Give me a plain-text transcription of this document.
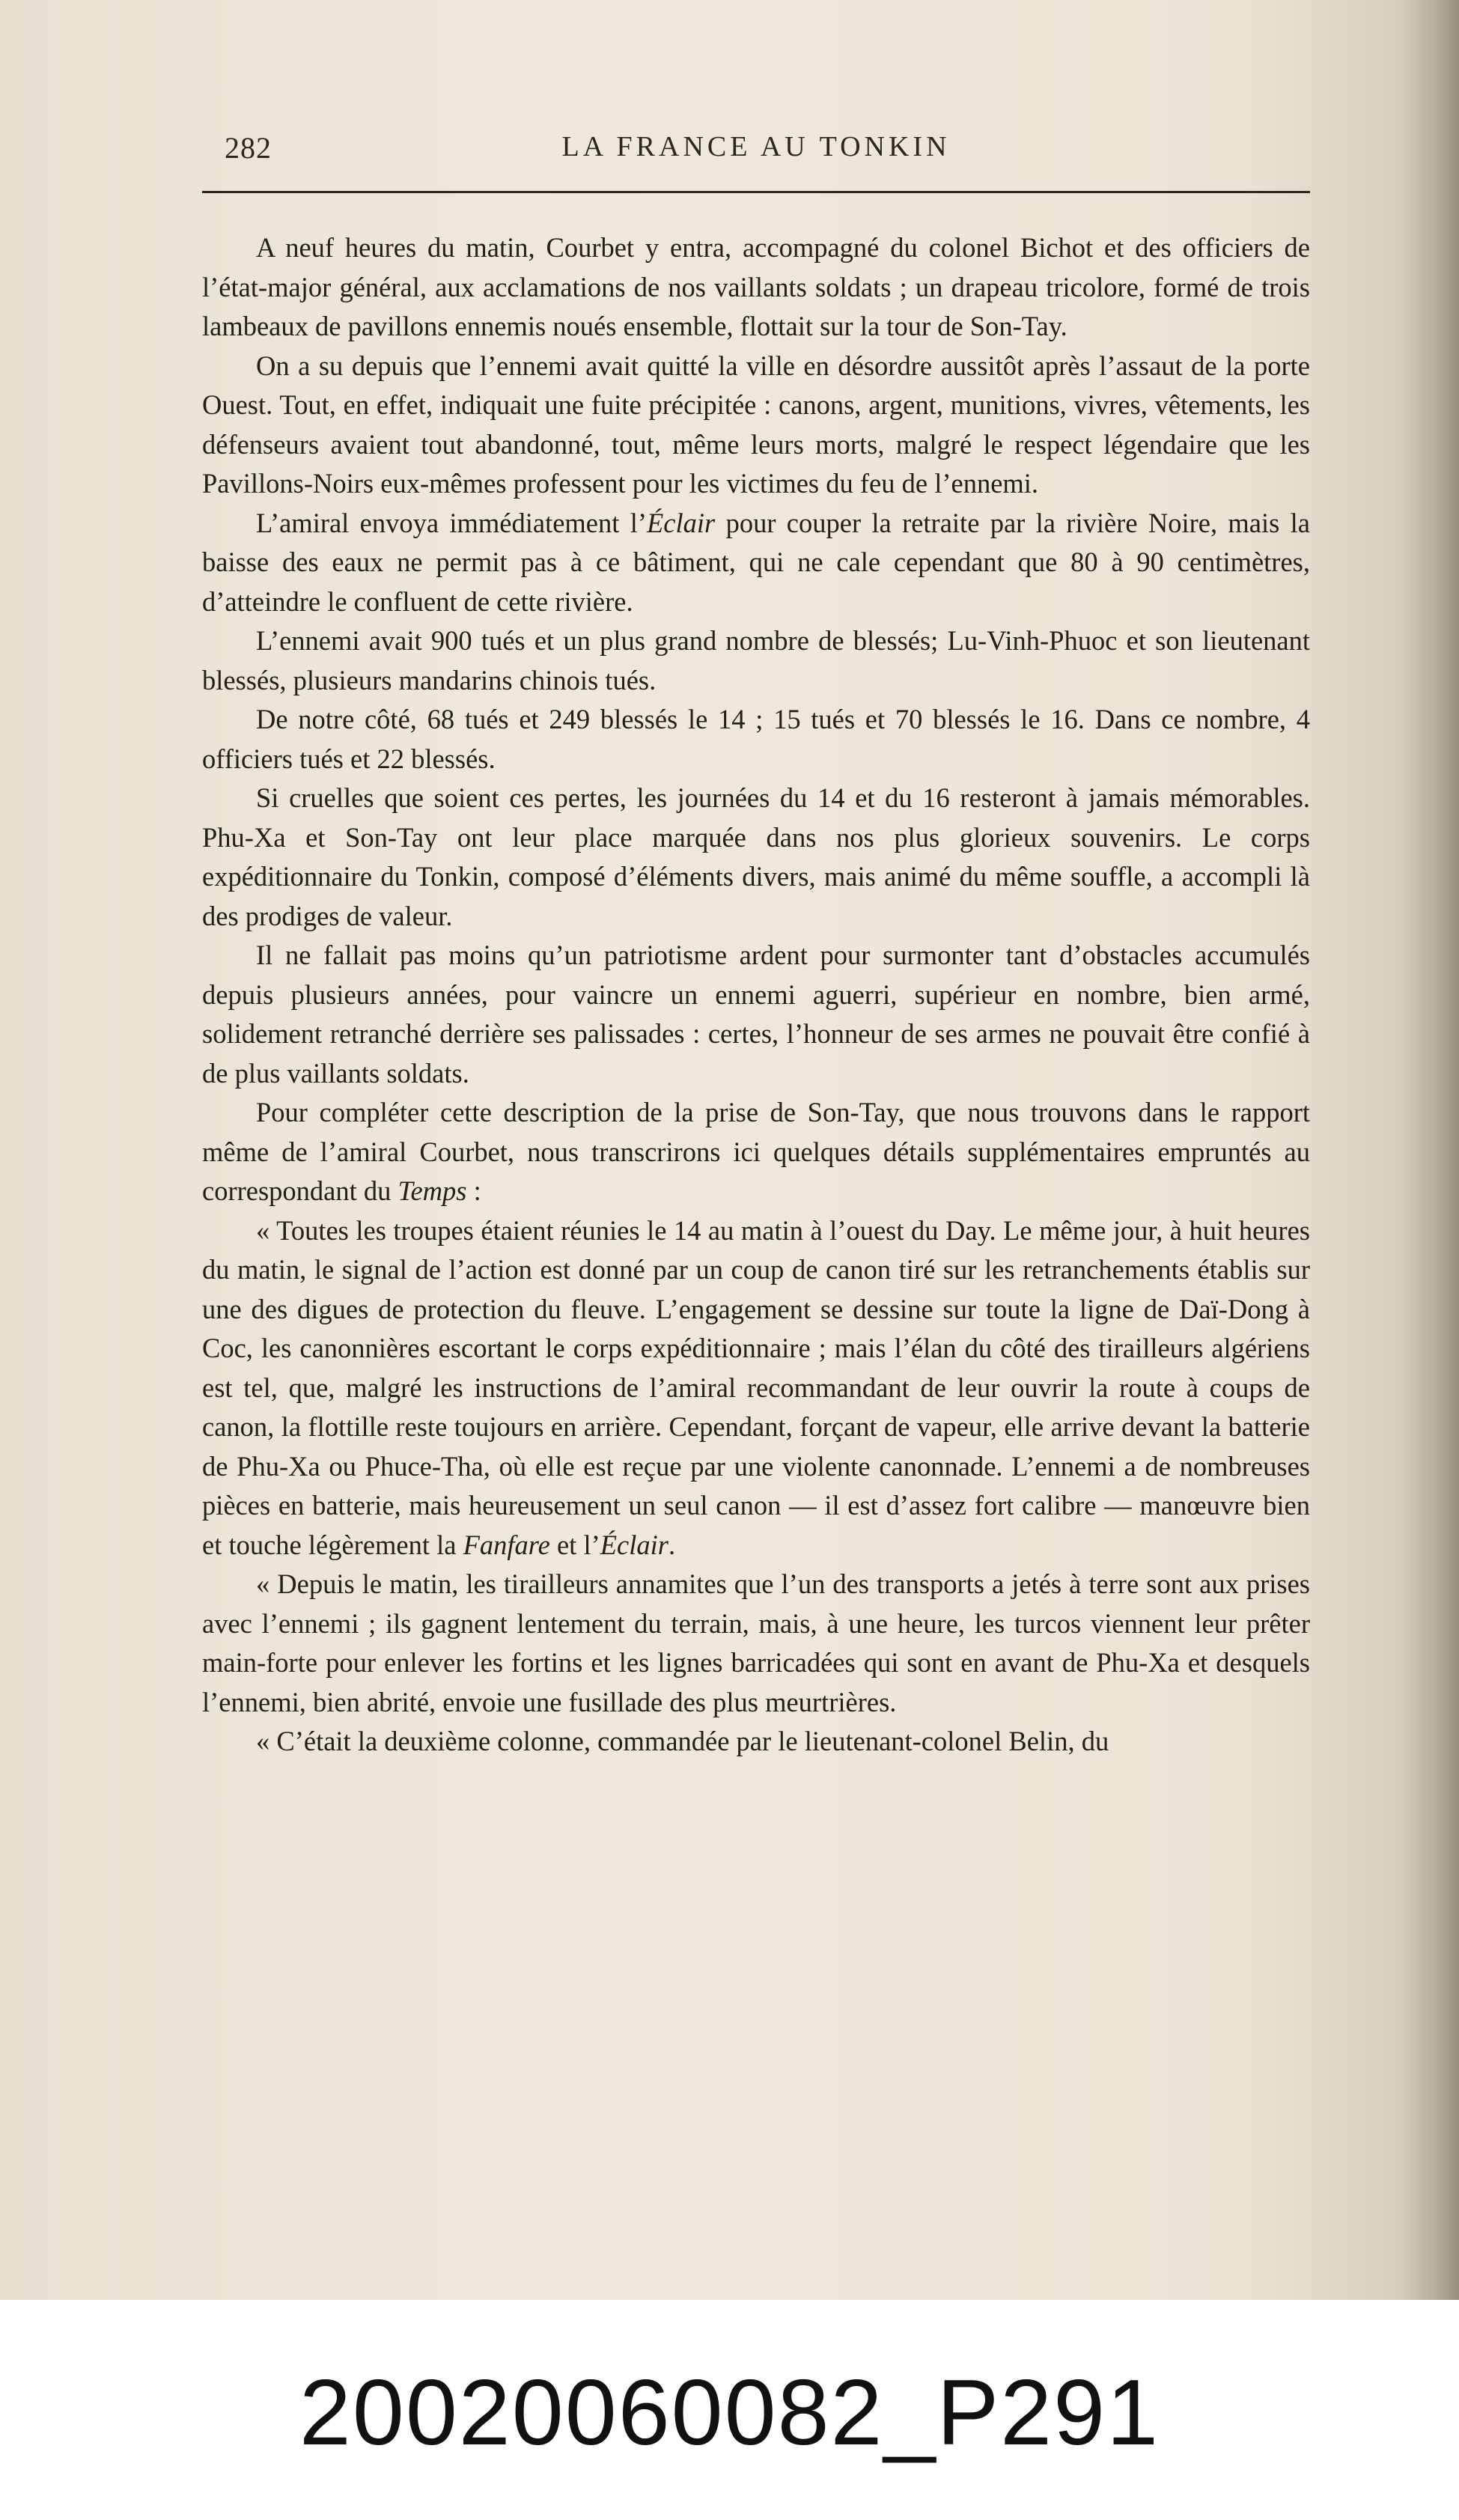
282	LA FRANCE AU TONKIN

A neuf heures du matin, Courbet y entra, accompagné du colonel Bichot et des officiers de l’état-major général, aux acclamations de nos vaillants soldats ; un drapeau tricolore, formé de trois lambeaux de pavillons ennemis noués ensemble, flottait sur la tour de Son-Tay.

On a su depuis que l’ennemi avait quitté la ville en désordre aussitôt après l’assaut de la porte Ouest. Tout, en effet, indiquait une fuite précipitée : canons, argent, munitions, vivres, vêtements, les défenseurs avaient tout abandonné, tout, même leurs morts, malgré le respect légendaire que les Pavillons-Noirs eux-mêmes professent pour les victimes du feu de l’ennemi.

L’amiral envoya immédiatement l’Éclair pour couper la retraite par la rivière Noire, mais la baisse des eaux ne permit pas à ce bâtiment, qui ne cale cependant que 80 à 90 centimètres, d’atteindre le confluent de cette rivière.

L’ennemi avait 900 tués et un plus grand nombre de blessés; Lu-Vinh-Phuoc et son lieutenant blessés, plusieurs mandarins chinois tués.

De notre côté, 68 tués et 249 blessés le 14 ; 15 tués et 70 blessés le 16. Dans ce nombre, 4 officiers tués et 22 blessés.

Si cruelles que soient ces pertes, les journées du 14 et du 16 resteront à jamais mémorables. Phu-Xa et Son-Tay ont leur place marquée dans nos plus glorieux souvenirs. Le corps expéditionnaire du Tonkin, composé d’éléments divers, mais animé du même souffle, a accompli là des prodiges de valeur.

Il ne fallait pas moins qu’un patriotisme ardent pour surmonter tant d’obstacles accumulés depuis plusieurs années, pour vaincre un ennemi aguerri, supérieur en nombre, bien armé, solidement retranché derrière ses palissades : certes, l’honneur de ses armes ne pouvait être confié à de plus vaillants soldats.

Pour compléter cette description de la prise de Son-Tay, que nous trouvons dans le rapport même de l’amiral Courbet, nous transcrirons ici quelques détails supplémentaires empruntés au correspondant du Temps :

« Toutes les troupes étaient réunies le 14 au matin à l’ouest du Day. Le même jour, à huit heures du matin, le signal de l’action est donné par un coup de canon tiré sur les retranchements établis sur une des digues de protection du fleuve. L’engagement se dessine sur toute la ligne de Daï-Dong à Coc, les canonnières escortant le corps expéditionnaire ; mais l’élan du côté des tirailleurs algériens est tel, que, malgré les instructions de l’amiral recommandant de leur ouvrir la route à coups de canon, la flottille reste toujours en arrière. Cependant, forçant de vapeur, elle arrive devant la batterie de Phu-Xa ou Phuce-Tha, où elle est reçue par une violente canonnade. L’ennemi a de nombreuses pièces en batterie, mais heureusement un seul canon — il est d’assez fort calibre — manœuvre bien et touche légèrement la Fanfare et l’Éclair.

« Depuis le matin, les tirailleurs annamites que l’un des transports a jetés à terre sont aux prises avec l’ennemi ; ils gagnent lentement du terrain, mais, à une heure, les turcos viennent leur prêter main-forte pour enlever les fortins et les lignes barricadées qui sont en avant de Phu-Xa et desquels l’ennemi, bien abrité, envoie une fusillade des plus meurtrières.

« C’était la deuxième colonne, commandée par le lieutenant-colonel Belin, du

20020060082_P291
